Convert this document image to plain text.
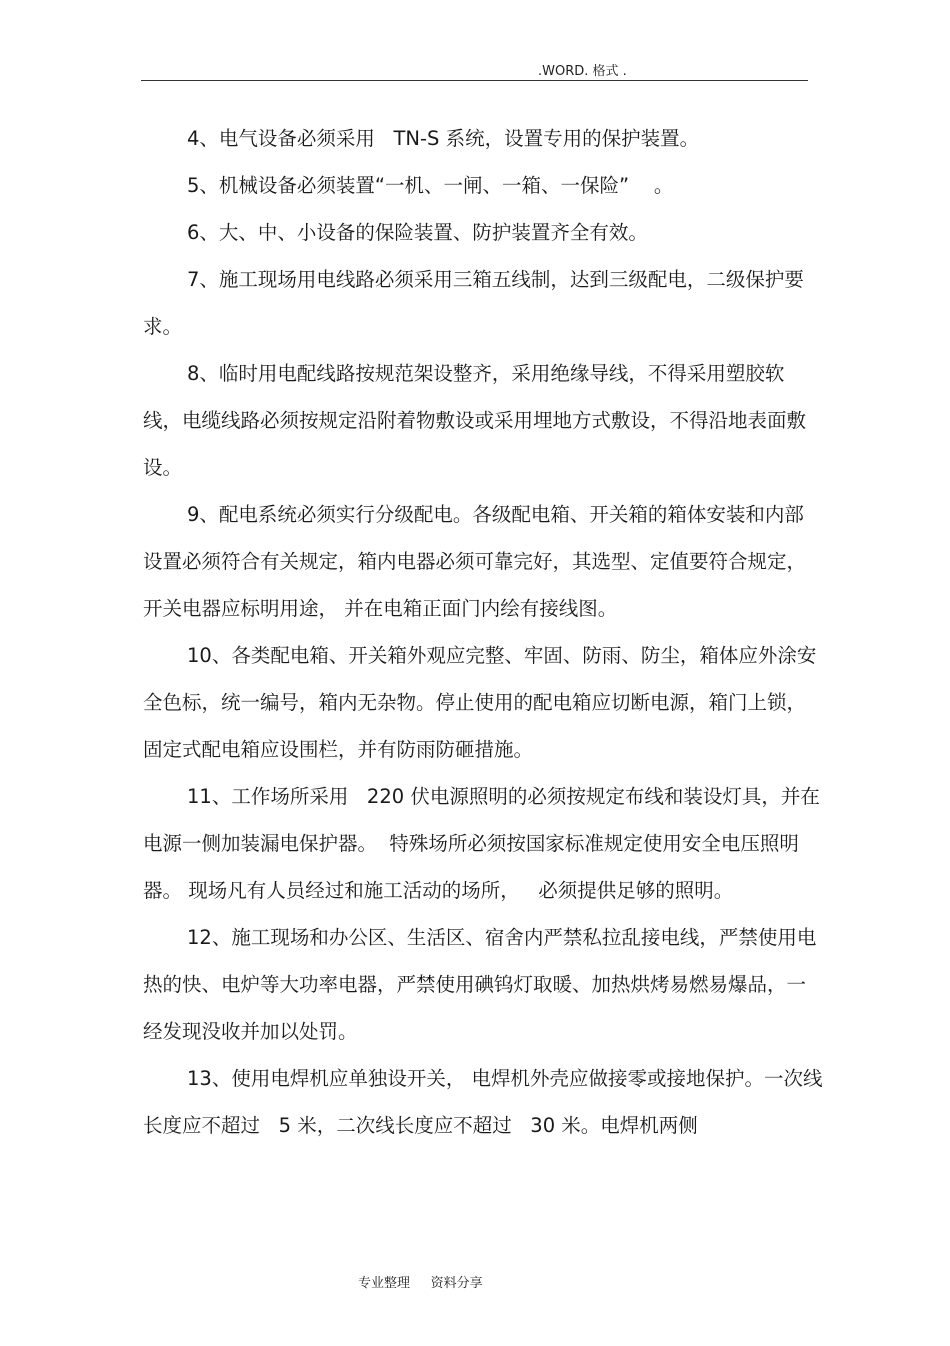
.WORD. 格式 .

4、电气设备必须采用   TN-S 系统，设置专用的保护装置。

5、机械设备必须装置“一机、一闸、一箱、一保险”    。

6、大、中、小设备的保险装置、防护装置齐全有效。

7、施工现场用电线路必须采用三箱五线制，达到三级配电，二级保护要求。

8、临时用电配线路按规范架设整齐，采用绝缘导线，不得采用塑胶软线，电缆线路必须按规定沿附着物敷设或采用埋地方式敷设，不得沿地表面敷设。

9、配电系统必须实行分级配电。各级配电箱、开关箱的箱体安装和内部设置必须符合有关规定，箱内电器必须可靠完好，其选型、定值要符合规定， 开关电器应标明用途， 并在电箱正面门内绘有接线图。

10、各类配电箱、开关箱外观应完整、牢固、防雨、防尘，箱体应外涂安全色标，统一编号，箱内无杂物。停止使用的配电箱应切断电源，箱门上锁，固定式配电箱应设围栏，并有防雨防砸措施。

11、工作场所采用   220 伏电源照明的必须按规定布线和装设灯具，并在电源一侧加装漏电保护器。  特殊场所必须按国家标准规定使用安全电压照明器。 现场凡有人员经过和施工活动的场所，   必须提供足够的照明。

12、施工现场和办公区、生活区、宿舍内严禁私拉乱接电线，严禁使用电热的快、电炉等大功率电器，严禁使用碘钨灯取暖、加热烘烤易燃易爆品，一经发现没收并加以处罚。

13、使用电焊机应单独设开关， 电焊机外壳应做接零或接地保护。一次线长度应不超过   5 米，二次线长度应不超过   30 米。电焊机两侧

专业整理     资料分享
